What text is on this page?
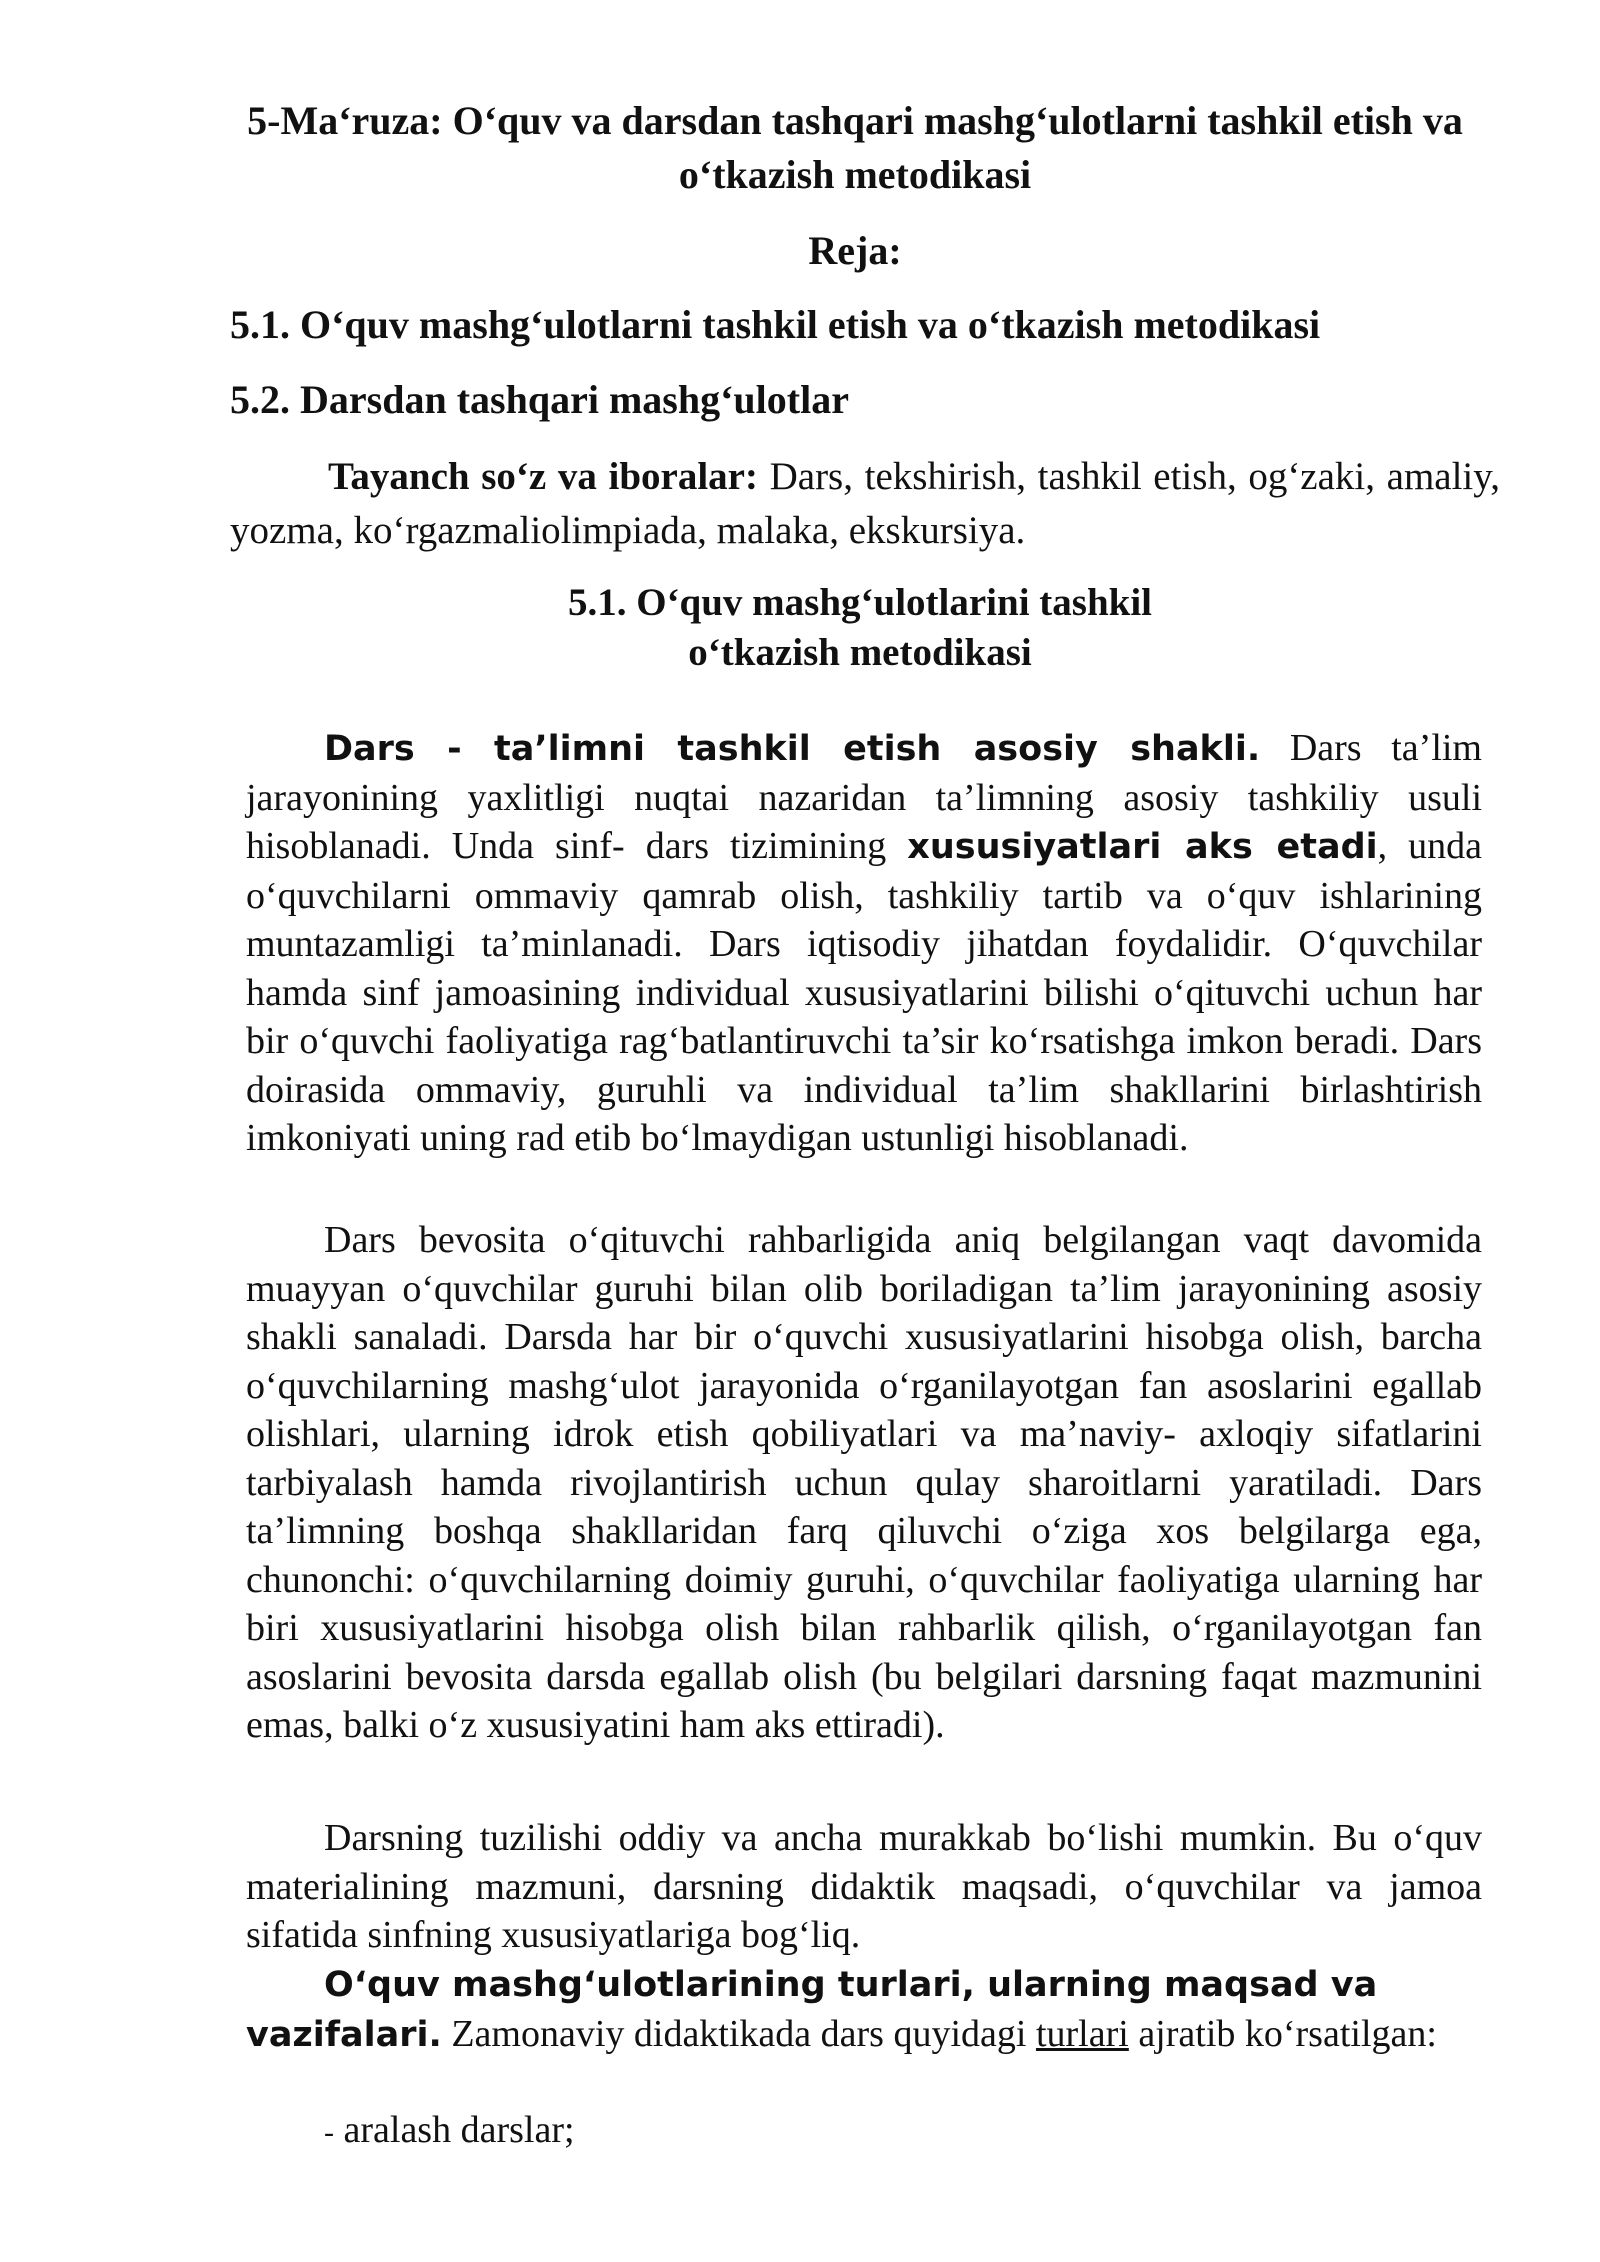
5-Ma‘ruza: O‘quv va darsdan tashqari mashg‘ulotlarni tashkil etish va o‘tkazish metodikasi

Reja:

5.1. O‘quv mashg‘ulotlarni tashkil etish va o‘tkazish metodikasi

5.2. Darsdan tashqari mashg‘ulotlar

Tayanch so‘z va iboralar: Dars, tekshirish, tashkil etish, og‘zaki, amaliy, yozma, ko‘rgazmaliolimpiada, malaka, ekskursiya.

5.1. O‘quv mashg‘ulotlarini tashkil
o‘tkazish metodikasi

Dars - ta’limni tashkil etish asosiy shakli. Dars ta’lim jarayonining yaxlitligi nuqtai nazaridan ta’limning asosiy tashkiliy usuli hisoblanadi. Unda sinf- dars tizimining xususiyatlari aks etadi, unda o‘quvchilarni ommaviy qamrab olish, tashkiliy tartib va o‘quv ishlarining muntazamligi ta’minlanadi. Dars iqtisodiy jihatdan foydalidir. O‘quvchilar hamda sinf jamoasining individual xususiyatlarini bilishi o‘qituvchi uchun har bir o‘quvchi faoliyatiga rag‘batlantiruvchi ta’sir ko‘rsatishga imkon beradi. Dars doirasida ommaviy, guruhli va individual ta’lim shakllarini birlashtirish imkoniyati uning rad etib bo‘lmaydigan ustunligi hisoblanadi.

Dars bevosita o‘qituvchi rahbarligida aniq belgilangan vaqt davomida muayyan o‘quvchilar guruhi bilan olib boriladigan ta’lim jarayonining asosiy shakli sanaladi. Darsda har bir o‘quvchi xususiyatlarini hisobga olish, barcha o‘quvchilarning mashg‘ulot jarayonida o‘rganilayotgan fan asoslarini egallab olishlari, ularning idrok etish qobiliyatlari va ma’naviy- axloqiy sifatlarini tarbiyalash hamda rivojlantirish uchun qulay sharoitlarni yaratiladi. Dars ta’limning boshqa shakllaridan farq qiluvchi o‘ziga xos belgilarga ega, chunonchi: o‘quvchilarning doimiy guruhi, o‘quvchilar faoliyatiga ularning har biri xususiyatlarini hisobga olish bilan rahbarlik qilish, o‘rganilayotgan fan asoslarini bevosita darsda egallab olish (bu belgilari darsning faqat mazmunini emas, balki o‘z xususiyatini ham aks ettiradi).

Darsning tuzilishi oddiy va ancha murakkab bo‘lishi mumkin. Bu o‘quv materialining mazmuni, darsning didaktik maqsadi, o‘quvchilar va jamoa sifatida sinfning xususiyatlariga bog‘liq.

O‘quv mashg‘ulotlarining turlari, ularning maqsad va vazifalari. Zamonaviy didaktikada dars quyidagi turlari ajratib ko‘rsatilgan:

- aralash darslar;
